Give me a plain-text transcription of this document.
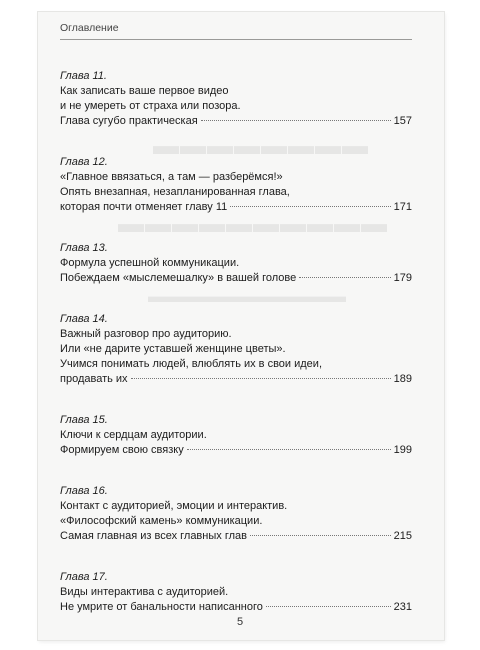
▬▬▬▬▬▬▬▬
▬▬▬▬▬▬▬▬▬▬
▬▬▬▬▬▬▬▬▬▬▬
Оглавление
Глава 11.
Как записать ваше первое видео
и не умереть от страха или позора.
Глава сугубо практическая	157
Глава 12.
«Главное ввязаться, а там — разберёмся!»
Опять внезапная, незапланированная глава,
которая почти отменяет главу 11	171
Глава 13.
Формула успешной коммуникации.
Побеждаем «мыслемешалку» в вашей голове	179
Глава 14.
Важный разговор про аудиторию.
Или «не дарите уставшей женщине цветы».
Учимся понимать людей, влюблять их в свои идеи,
продавать их	189
Глава 15.
Ключи к сердцам аудитории.
Формируем свою связку	199
Глава 16.
Контакт с аудиторией, эмоции и интерактив.
«Философский камень» коммуникации.
Самая главная из всех главных глав	215
Глава 17.
Виды интерактива с аудиторией.
Не умрите от банальности написанного	231
5
